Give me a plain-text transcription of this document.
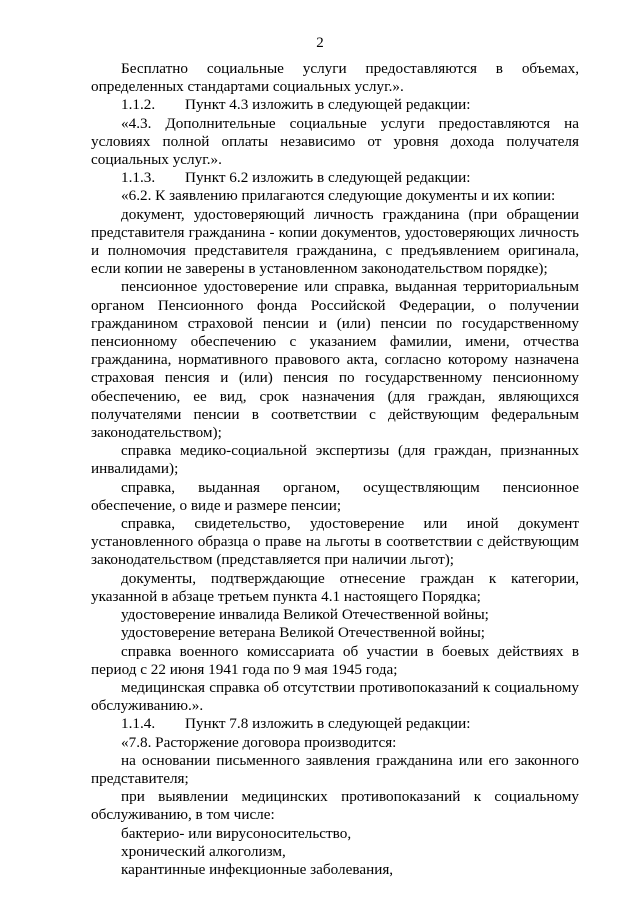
2

Бесплатно социальные услуги предоставляются в объемах, определенных стандартами социальных услуг.».

1.1.2. Пункт 4.3 изложить в следующей редакции:

«4.3. Дополнительные социальные услуги предоставляются на условиях полной оплаты независимо от уровня дохода получателя социальных услуг.».

1.1.3. Пункт 6.2 изложить в следующей редакции:

«6.2. К заявлению прилагаются следующие документы и их копии:

документ, удостоверяющий личность гражданина (при обращении представителя гражданина - копии документов, удостоверяющих личность и полномочия представителя гражданина, с предъявлением оригинала, если копии не заверены в установленном законодательством порядке);

пенсионное удостоверение или справка, выданная территориальным органом Пенсионного фонда Российской Федерации, о получении гражданином страховой пенсии и (или) пенсии по государственному пенсионному обеспечению с указанием фамилии, имени, отчества гражданина, нормативного правового акта, согласно которому назначена страховая пенсия и (или) пенсия по государственному пенсионному обеспечению, ее вид, срок назначения (для граждан, являющихся получателями пенсии в соответствии с действующим федеральным законодательством);

справка медико-социальной экспертизы (для граждан, признанных инвалидами);

справка, выданная органом, осуществляющим пенсионное обеспечение, о виде и размере пенсии;

справка, свидетельство, удостоверение или иной документ установленного образца о праве на льготы в соответствии с действующим законодательством (представляется при наличии льгот);

документы, подтверждающие отнесение граждан к категории, указанной в абзаце третьем пункта 4.1 настоящего Порядка;

удостоверение инвалида Великой Отечественной войны;

удостоверение ветерана Великой Отечественной войны;

справка военного комиссариата об участии в боевых действиях в период с 22 июня 1941 года по 9 мая 1945 года;

медицинская справка об отсутствии противопоказаний к социальному обслуживанию.».

1.1.4. Пункт 7.8 изложить в следующей редакции:

«7.8. Расторжение договора производится:

на основании письменного заявления гражданина или его законного представителя;

при выявлении медицинских противопоказаний к социальному обслуживанию, в том числе:

бактерио- или вирусоносительство,

хронический алкоголизм,

карантинные инфекционные заболевания,
